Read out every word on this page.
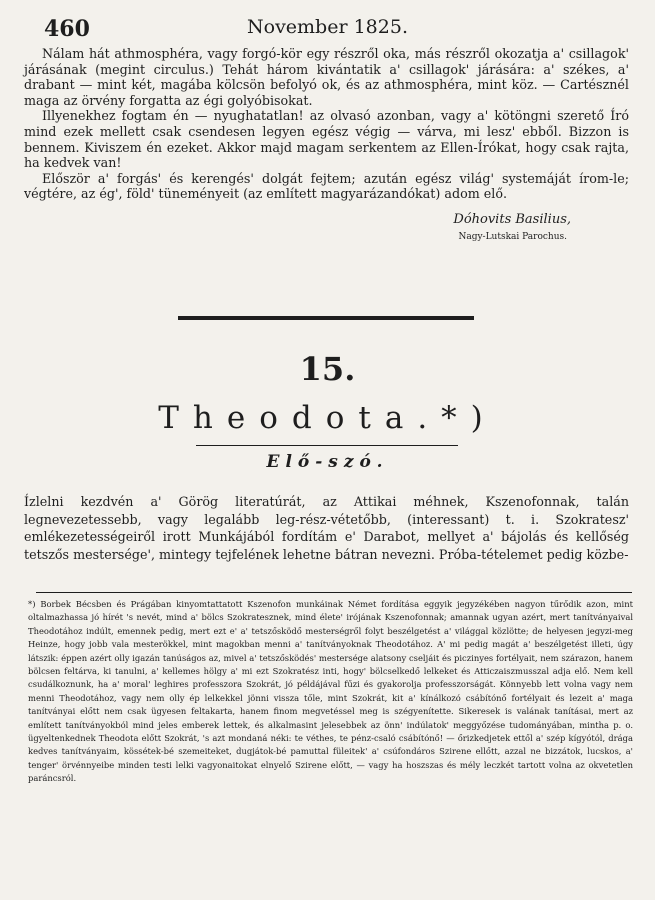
460	November 1825.

Nálam hát athmosphéra, vagy forgó-kör egy részről oka, más részről okozatja a' csillagok' járásának (megint circulus.) Tehát három kivántatik a' csillagok' járására: a' székes, a' drabant — mint két, magába kölcsön befolyó ok, és az athmosphéra, mint köz. — Cartésznél maga az örvény forgatta az égi golyóbisokat.

Illyenekhez fogtam én — nyughatatlan! az olvasó azonban, vagy a' kötöngni szerető Író mind ezek mellett csak csendesen legyen egész végig — várva, mi lesz' ebből. Bizzon is bennem. Kiviszem én ezeket. Akkor majd magam serkentem az Ellen-Írókat, hogy csak rajta, ha kedvek van!

Először a' forgás' és kerengés' dolgát fejtem; azután egész világ' systemáját írom-le; végtére, az ég', föld' tüneményeit (az említett magyarázandókat) adom elő.

Dóhovits Basilius,
Nagy-Lutskai Parochus.
15.
Theodota.*)
Elő-szó.

Ízlelni kezdvén a' Görög literatúrát, az Attikai méhnek, Kszenofonnak, talán legnevezetessebb, vagy legalább leg-rész-vétetőbb, (interessant) t. i. Szokratesz' emlékezetességeiről irott Munkájából fordítám e' Darabot, mellyet a' bájolás és kellőség tetszős mestersége', mintegy tejfelének lehetne bátran nevezni. Próba-tételemet pedig közbe-

*) Borbek Bécsben és Prágában kinyomtattatott Kszenofon munkáinak Német fordítása eggyik jegyzékében nagyon tűrődik azon, mint oltalmazhassa jó hírét 's nevét, mind a' bölcs Szokratesznek, mind élete' irójának Kszenofonnak; amannak ugyan azért, mert tanítványaival Theodotához indúlt, emennek pedig, mert ezt e' a' tetszősködő mesterségről folyt beszélgetést a' világgal közlötte; de helyesen jegyzi-meg Heinze, hogy jobb vala mesterökkel, mint magokban menni a' tanítványoknak Theodotához. A' mi pedig magát a' beszélgetést illeti, úgy látszik: éppen azért olly igazán tanúságos az, mivel a' tetszősködés' mestersége alatsony cseljáit és piczinyes fortélyait, nem szárazon, hanem bölcsen feltárva, ki tanulni, a' kellemes hölgy a' mi ezt Szokratész inti, hogy' bölcselkedő lelkeket és Atticzaiszmusszal adja elő. Nem kell csudálkoznunk, ha a' moral' leghires professzora Szokrát, jó példájával fűzi és gyakorolja professzorságát. Könnyebb lett volna vagy nem menni Theodotához, vagy nem olly ép lelkekkel jönni vissza tőle, mint Szokrát, kit a' kínálkozó csábítónő fortélyait és lezeit a' maga tanítványai előtt nem csak ügyesen feltakarta, hanem finom megvetéssel meg is szégyenítette. Sikeresek is valának tanításai, mert az említett tanítványokból mind jeles emberek lettek, és alkalmasint jelesebbek az önn' indúlatok' meggyőzése tudományában, mintha p. o. ügyeltenkednek Theodota előtt Szokrát, 's azt mondaná néki: te véthes, te pénz-csaló csábítónő! — őrizkedjetek ettől a' szép kígyótól, drága kedves tanítványaim, kössétek-bé szemeiteket, dugjátok-bé pamuttal füleitek' a' csúfondáros Szirene ellőtt, azzal ne bizzátok, lucskos, a' tenger' örvénnyeibe minden testi lelki vagyonaitokat elnyelő Szirene előtt, — vagy ha hoszszas és mély leczkét tartott volna az okvetetlen paráncsról.
